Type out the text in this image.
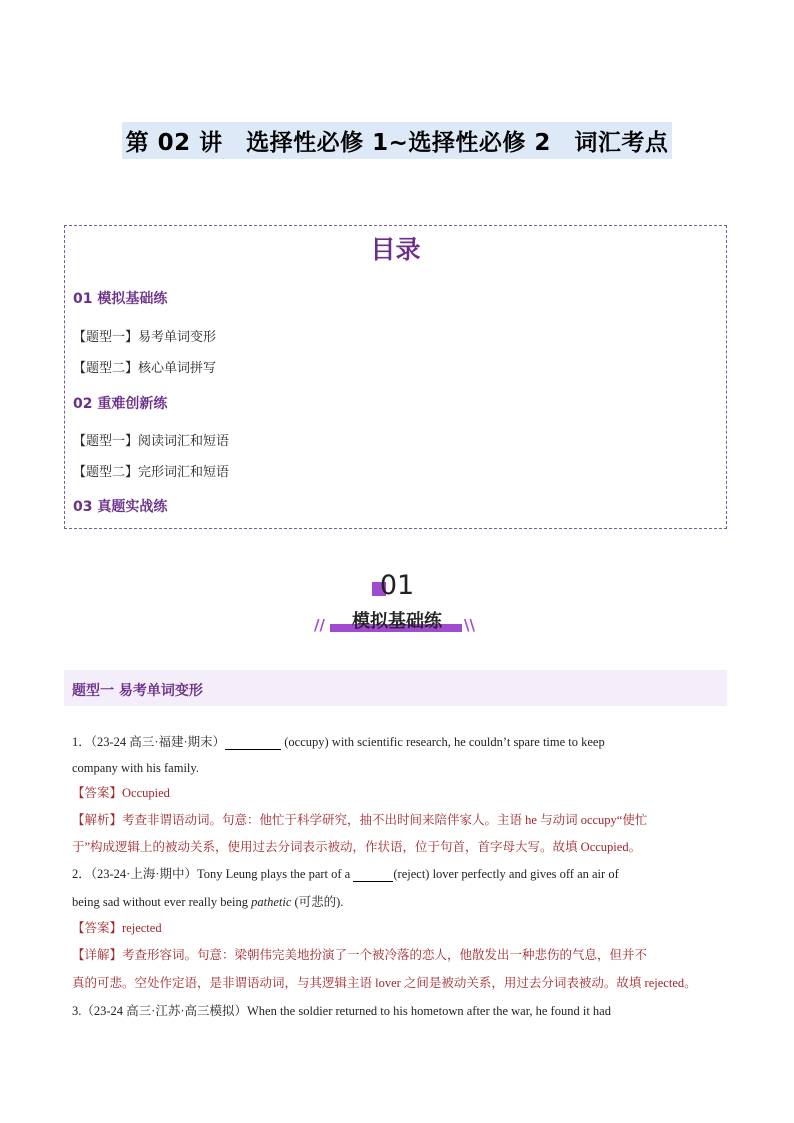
第 02 讲　选择性必修 1~选择性必修 2　词汇考点
目录
01 模拟基础练
【题型一】易考单词变形
【题型二】核心单词拼写
02 重难创新练
【题型一】阅读词汇和短语
【题型二】完形词汇和短语
03 真题实战练
01
模拟基础练
//	\\
题型一 易考单词变形
1．（23-24 高三·福建·期末）	(occupy) with scientific research, he couldn’t spare time to keep
company with his family.
【答案】Occupied
【解析】考查非谓语动词。句意：他忙于科学研究，抽不出时间来陪伴家人。主语 he 与动词 occupy“使忙
于”构成逻辑上的被动关系，使用过去分词表示被动，作状语，位于句首，首字母大写。故填 Occupied。
2．（23-24·上海·期中）Tony Leung plays the part of a	(reject) lover perfectly and gives off an air of
being sad without ever really being pathetic (可悲的).
【答案】rejected
【详解】考查形容词。句意：梁朝伟完美地扮演了一个被冷落的恋人，他散发出一种悲伤的气息，但并不
真的可悲。空处作定语，是非谓语动词，与其逻辑主语 lover 之间是被动关系，用过去分词表被动。故填 rejected。
3.（23-24 高三·江苏·高三模拟）When the soldier returned to his hometown after the war, he found it had
